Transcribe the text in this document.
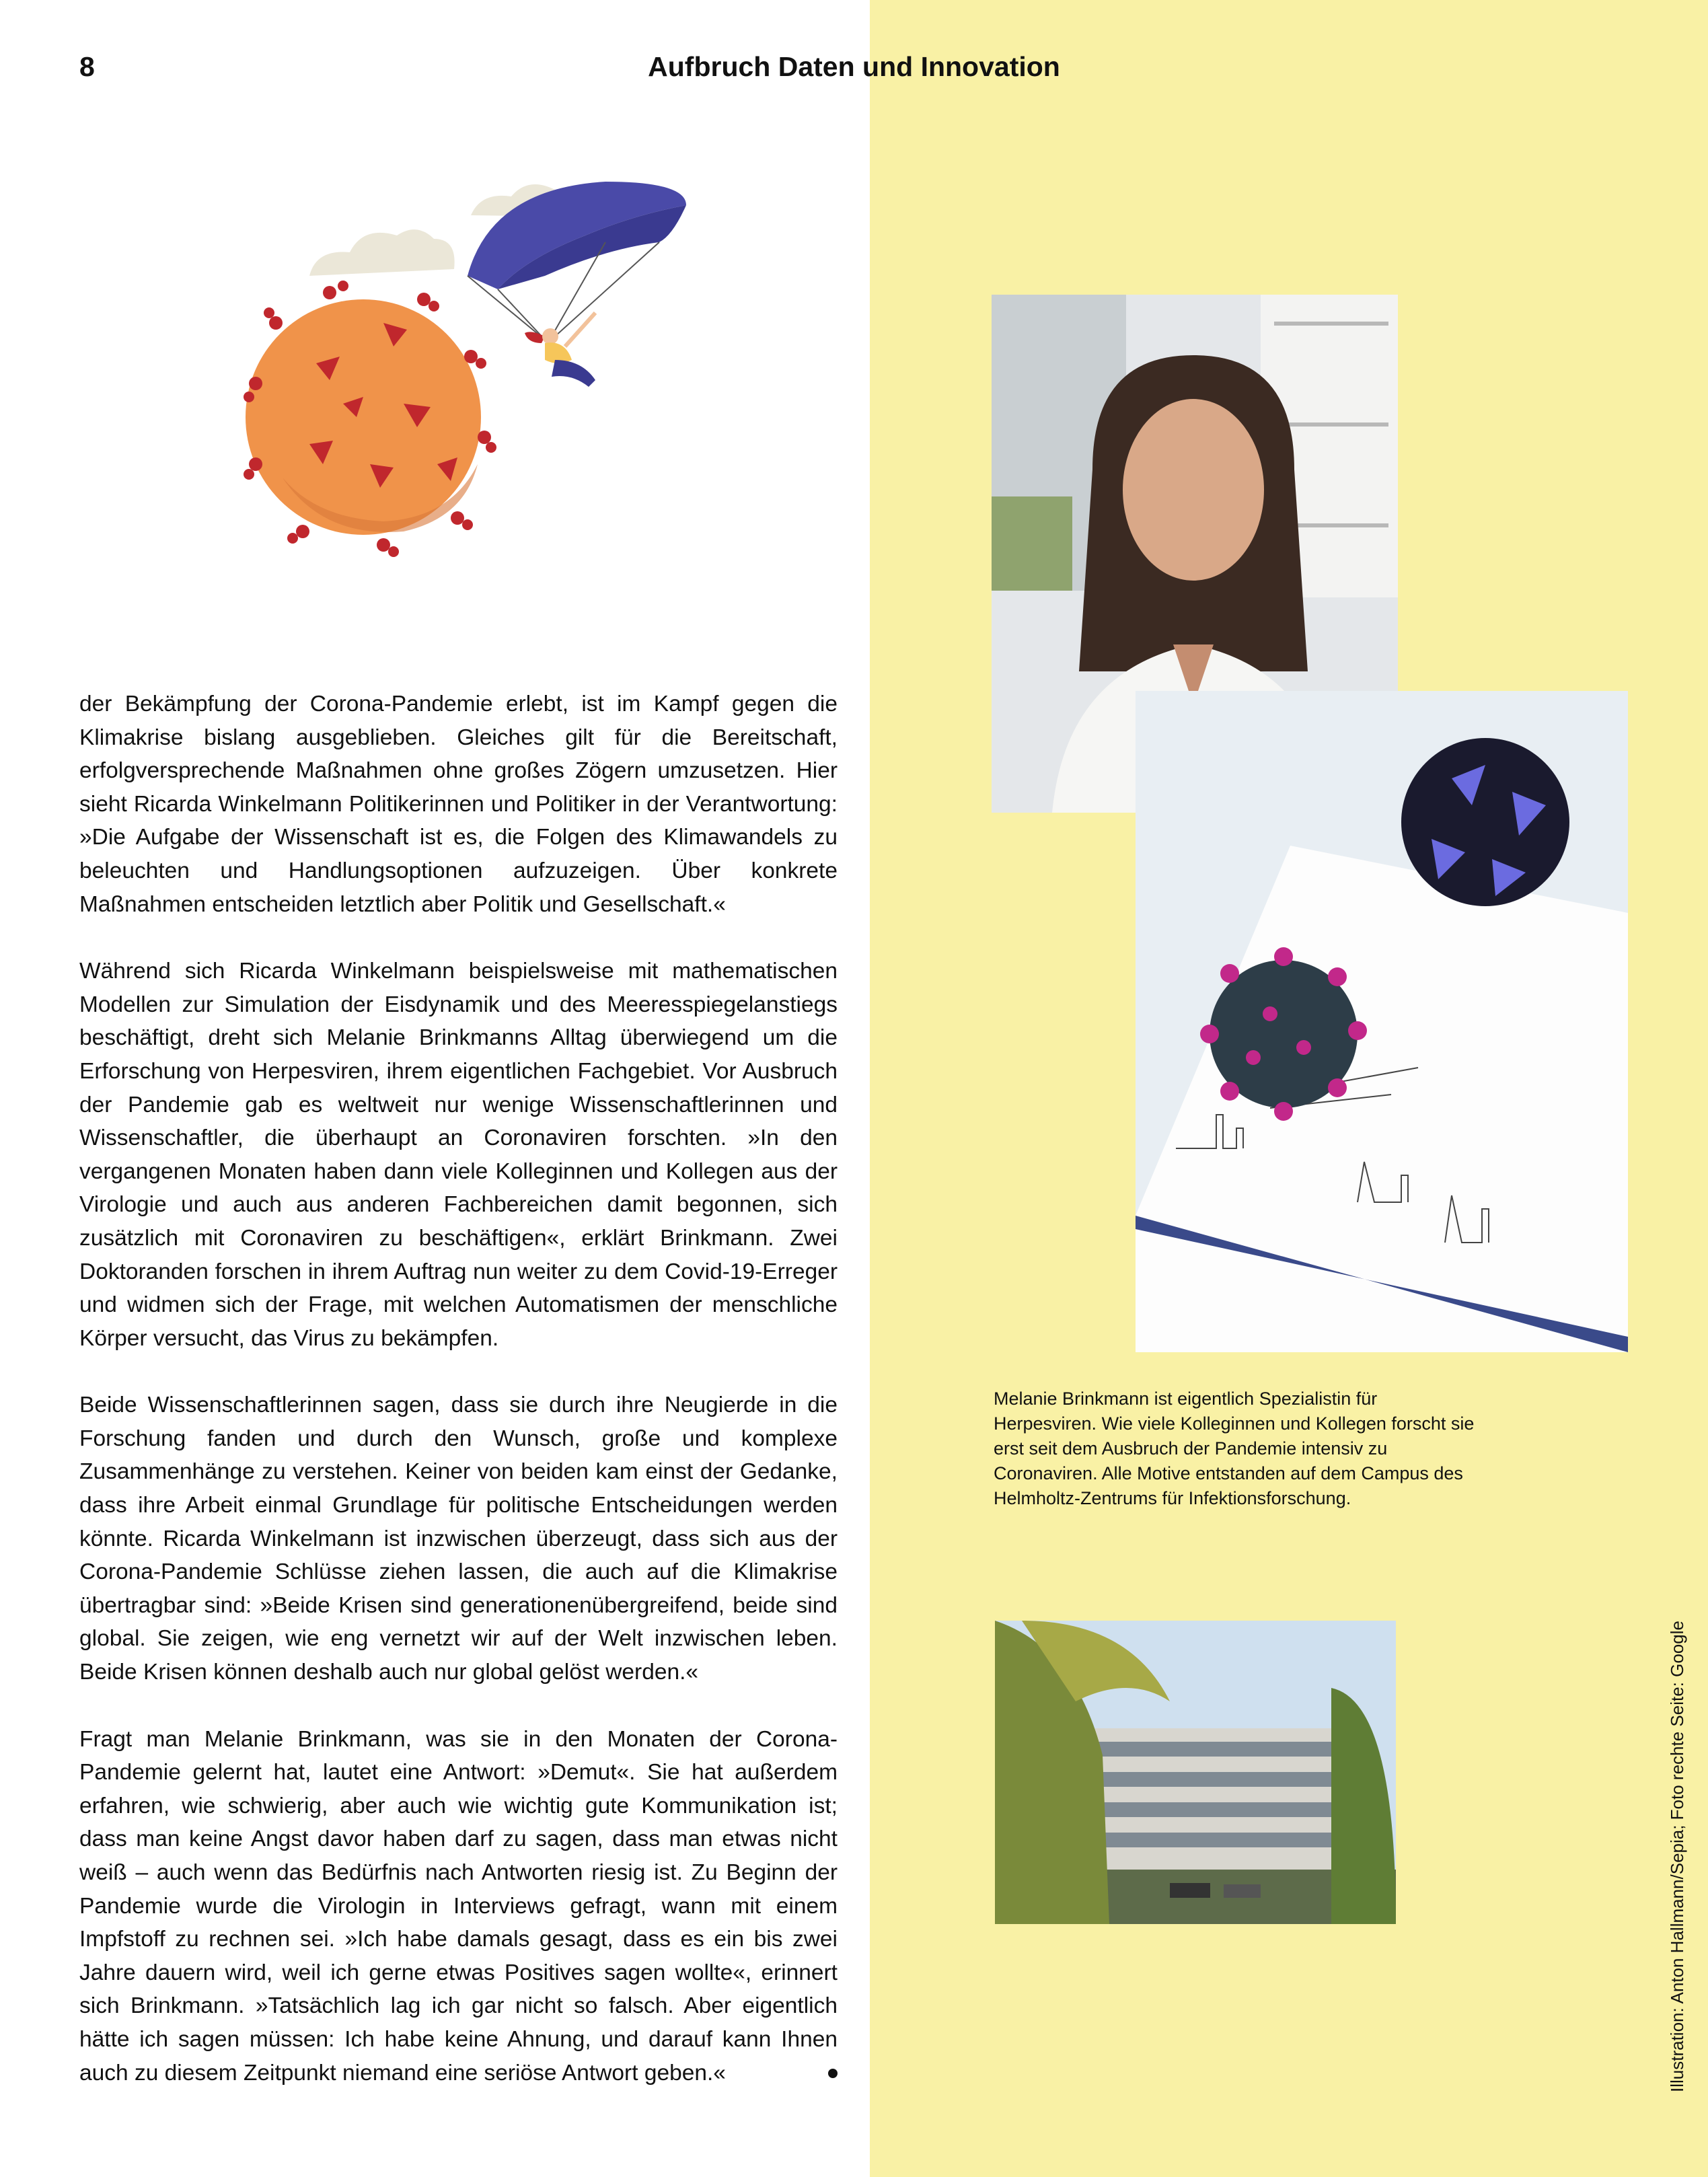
8	Aufbruch Daten und Innovation

der Bekämpfung der Corona-Pandemie erlebt, ist im Kampf gegen die Klimakrise bislang ausgeblieben. Gleiches gilt für die Bereitschaft, erfolgversprechende Maßnahmen ohne großes Zögern umzusetzen. Hier sieht Ricarda Winkelmann Politikerinnen und Politiker in der Verantwortung: »Die Aufgabe der Wissenschaft ist es, die Folgen des Klimawandels zu beleuchten und Handlungsoptionen aufzuzeigen. Über konkrete Maßnahmen entscheiden letztlich aber Politik und Gesellschaft.«

Während sich Ricarda Winkelmann beispielsweise mit mathematischen Modellen zur Simulation der Eisdynamik und des Meeresspiegelanstiegs beschäftigt, dreht sich Melanie Brinkmanns Alltag überwiegend um die Erforschung von Herpesviren, ihrem eigentlichen Fachgebiet. Vor Ausbruch der Pandemie gab es weltweit nur wenige Wissenschaftlerinnen und Wissenschaftler, die überhaupt an Coronaviren forschten. »In den vergangenen Monaten haben dann viele Kolleginnen und Kollegen aus der Virologie und auch aus anderen Fachbereichen damit begonnen, sich zusätzlich mit Coronaviren zu beschäftigen«, erklärt Brinkmann. Zwei Doktoranden forschen in ihrem Auftrag nun weiter zu dem Covid-19-Erreger und widmen sich der Frage, mit welchen Automatismen der menschliche Körper versucht, das Virus zu bekämpfen.

Beide Wissenschaftlerinnen sagen, dass sie durch ihre Neugierde in die Forschung fanden und durch den Wunsch, große und komplexe Zusammenhänge zu verstehen. Keiner von beiden kam einst der Gedanke, dass ihre Arbeit einmal Grundlage für politische Entscheidungen werden könnte. Ricarda Winkelmann ist inzwischen überzeugt, dass sich aus der Corona-Pandemie Schlüsse ziehen lassen, die auch auf die Klimakrise übertragbar sind: »Beide Krisen sind generationenübergreifend, beide sind global. Sie zeigen, wie eng vernetzt wir auf der Welt inzwischen leben. Beide Krisen können deshalb auch nur global gelöst werden.«

Fragt man Melanie Brinkmann, was sie in den Monaten der Corona-Pandemie gelernt hat, lautet eine Antwort: »Demut«. Sie hat außerdem erfahren, wie schwierig, aber auch wie wichtig gute Kommunikation ist; dass man keine Angst davor haben darf zu sagen, dass man etwas nicht weiß – auch wenn das Bedürfnis nach Antworten riesig ist. Zu Beginn der Pandemie wurde die Virologin in Interviews gefragt, wann mit einem Impfstoff zu rechnen sei. »Ich habe damals gesagt, dass es ein bis zwei Jahre dauern wird, weil ich gerne etwas Positives sagen wollte«, erinnert sich Brinkmann. »Tatsächlich lag ich gar nicht so falsch. Aber eigentlich hätte ich sagen müssen: Ich habe keine Ahnung, und darauf kann Ihnen auch zu diesem Zeitpunkt niemand eine seriöse Antwort geben.«

Melanie Brinkmann ist eigentlich Spezialistin für Herpesviren. Wie viele Kolleginnen und Kollegen forscht sie erst seit dem Ausbruch der Pandemie intensiv zu Coronaviren. Alle Motive entstanden auf dem Campus des Helmholtz-Zentrums für Infektionsforschung.
Illustration: Anton Hallmann/Sepia; Foto rechte Seite: Google
